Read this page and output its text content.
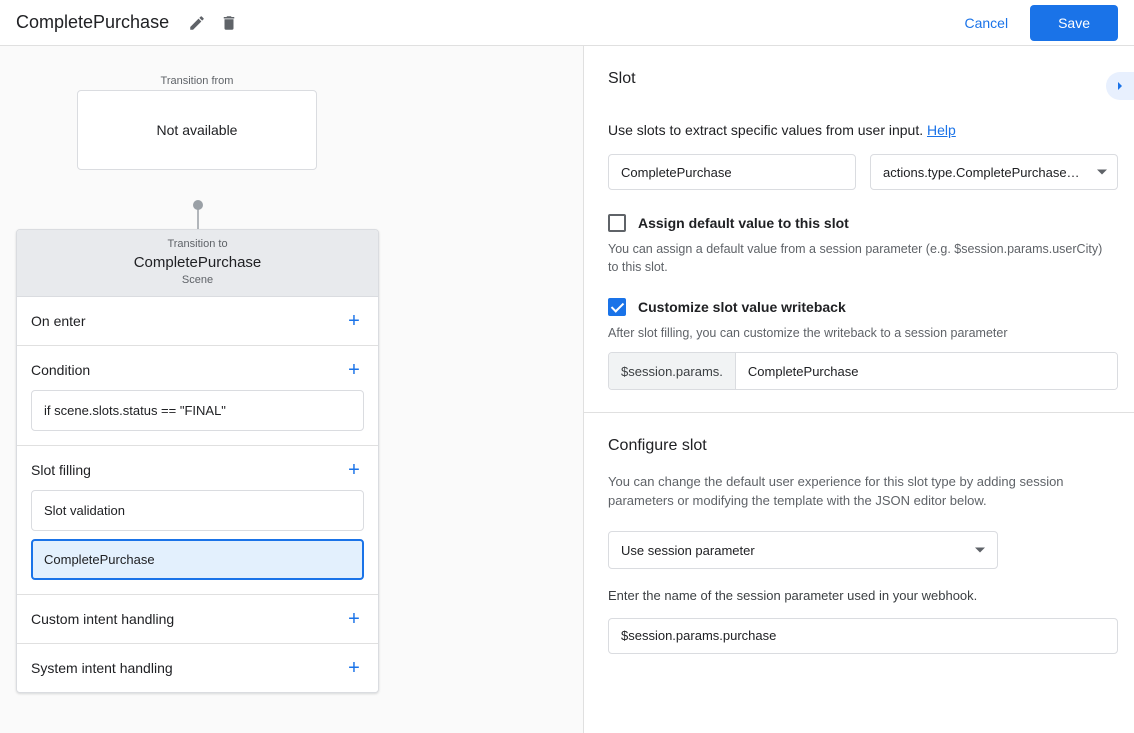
CompletePurchase	Cancel	Save
Transition from
Not available
Transition to
CompletePurchase
Scene
On enter	+
Condition	+
if scene.slots.status == "FINAL"
Slot filling	+
Slot validation
CompletePurchase
Custom intent handling	+
System intent handling	+
Slot

Use slots to extract specific values from user input. Help

CompletePurchase	actions.type.CompletePurchase…
Assign default value to this slot

You can assign a default value from a session parameter (e.g. $session.params.userCity) to this slot.

Customize slot value writeback

After slot filling, you can customize the writeback to a session parameter

$session.params.	CompletePurchase
Configure slot

You can change the default user experience for this slot type by adding session parameters or modifying the template with the JSON editor below.

Use session parameter

Enter the name of the session parameter used in your webhook.

$session.params.purchase
